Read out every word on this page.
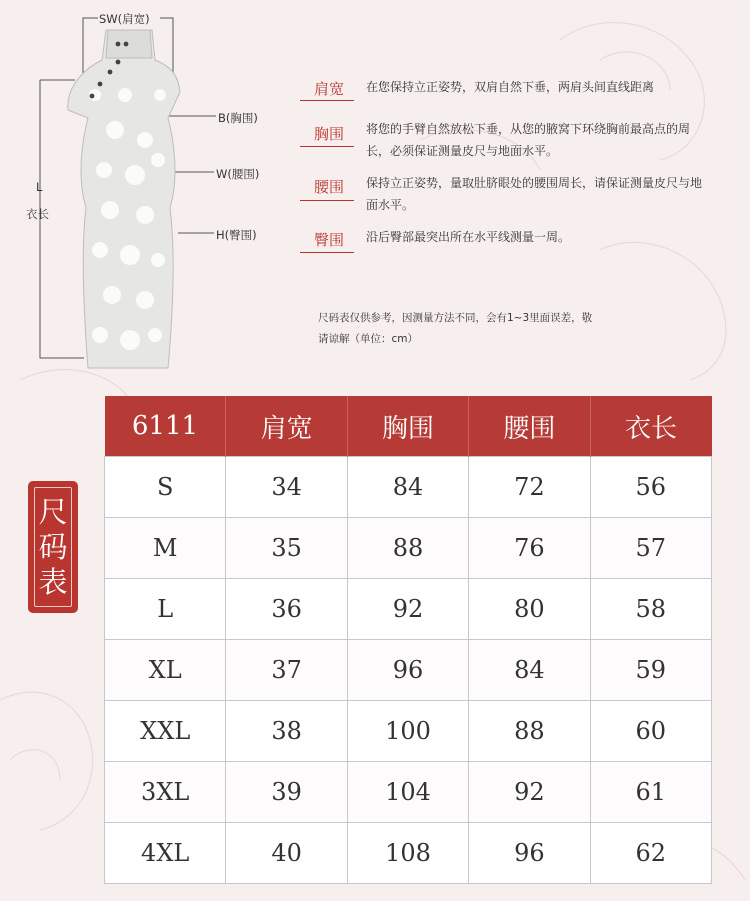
SW(肩宽)
B(胸围)
W(腰围)
H(臀围)
L
衣长
肩宽 在您保持立正姿势，双肩自然下垂，两肩头间直线距离
胸围 将您的手臂自然放松下垂，从您的腋窝下环绕胸前最高点的周长，必须保证测量皮尺与地面水平。
腰围 保持立正姿势，量取肚脐眼处的腰围周长，请保证测量皮尺与地面水平。
臀围 沿后臀部最突出所在水平线测量一周。
尺码表仅供参考，因测量方法不同，会有1~3里面误差，敬请谅解（单位：cm）
尺
码
表
6111	肩宽	胸围	腰围	衣长
S	34	84	72	56
M	35	88	76	57
L	36	92	80	58
XL	37	96	84	59
XXL	38	100	88	60
3XL	39	104	92	61
4XL	40	108	96	62
